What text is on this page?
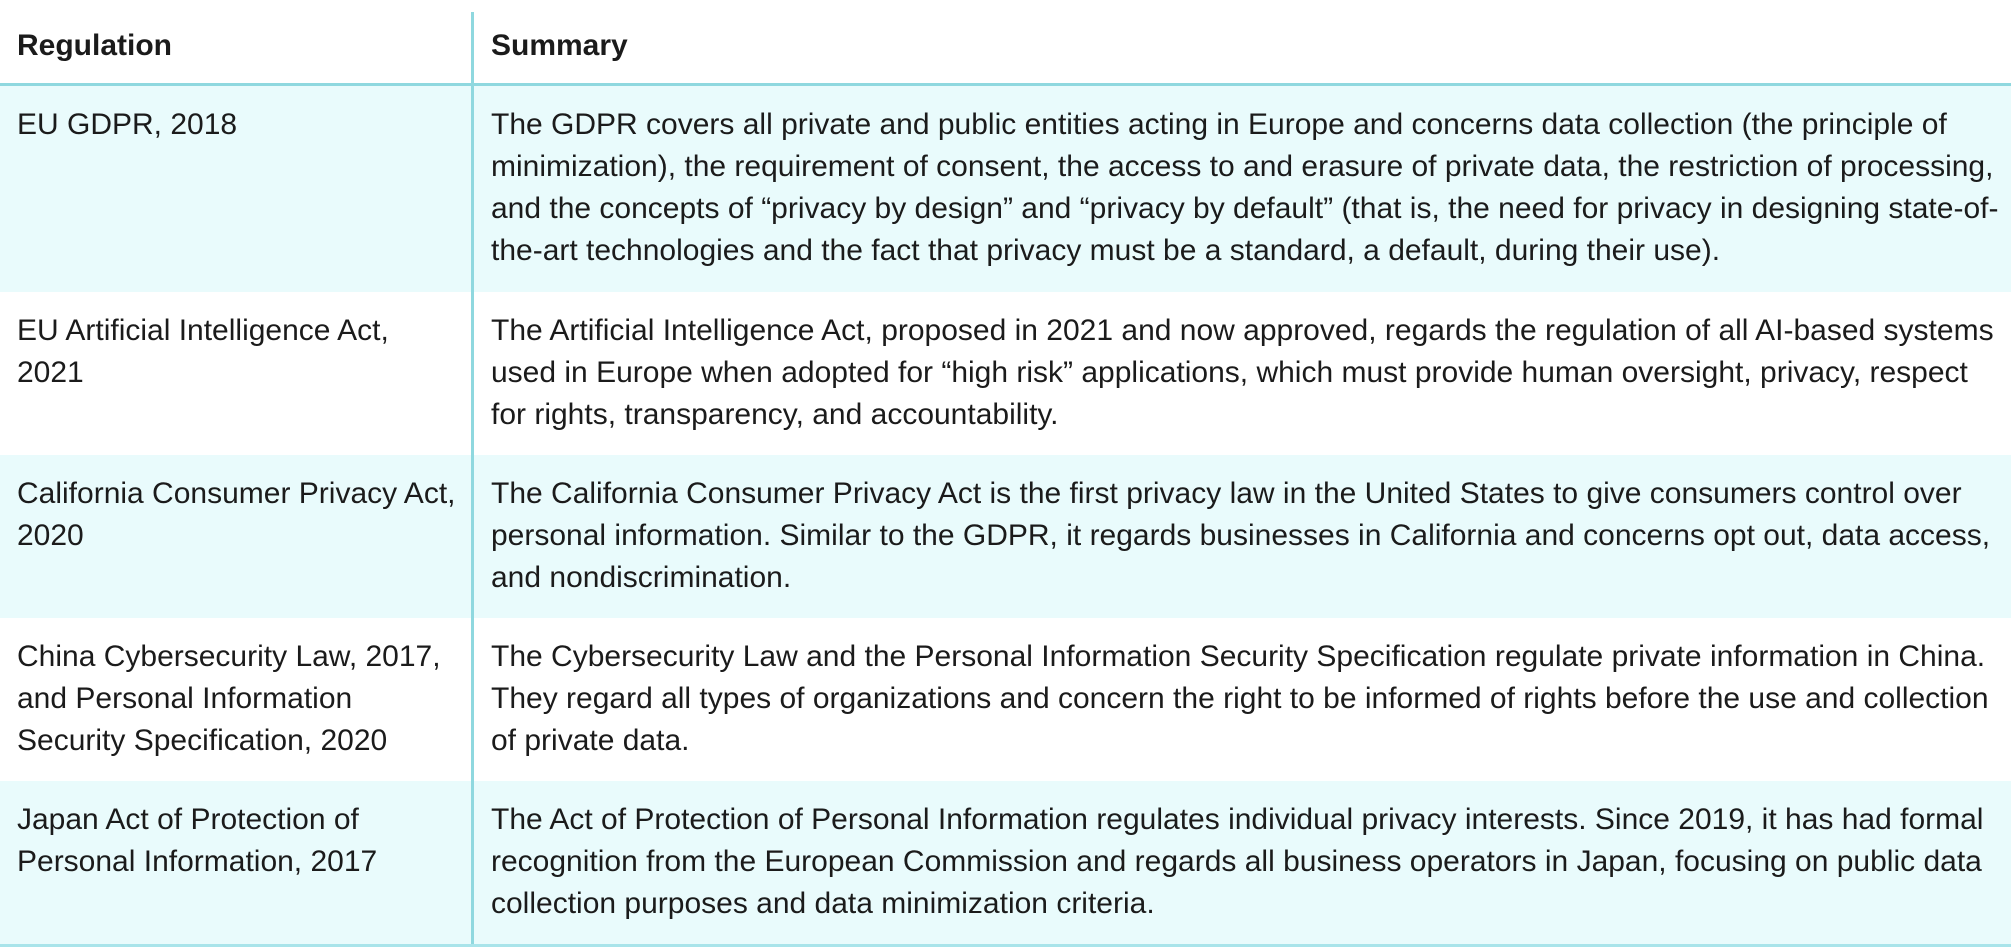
Regulation	Summary
EU GDPR, 2018	The GDPR covers all private and public entities acting in Europe and concerns data collection (the principle of minimization), the requirement of consent, the access to and erasure of private data, the restriction of processing, and the concepts of “privacy by design” and “privacy by default” (that is, the need for privacy in designing state-of-the-art technologies and the fact that privacy must be a standard, a default, during their use).
EU Artificial Intelligence Act, 2021
The Artificial Intelligence Act, proposed in 2021 and now approved, regards the regulation of all AI-based systems used in Europe when adopted for “high risk” applications, which must provide human oversight, privacy, respect for rights, transparency, and accountability.
California Consumer Privacy Act, 2020
The California Consumer Privacy Act is the first privacy law in the United States to give consumers control over personal information. Similar to the GDPR, it regards businesses in California and concerns opt out, data access, and nondiscrimination.
China Cybersecurity Law, 2017, and Personal Information Security Specification, 2020
The Cybersecurity Law and the Personal Information Security Specification regulate private information in China. They regard all types of organizations and concern the right to be informed of rights before the use and collection of private data.
Japan Act of Protection of Personal Information, 2017
The Act of Protection of Personal Information regulates individual privacy interests. Since 2019, it has had formal recognition from the European Commission and regards all business operators in Japan, focusing on public data collection purposes and data minimization criteria.
